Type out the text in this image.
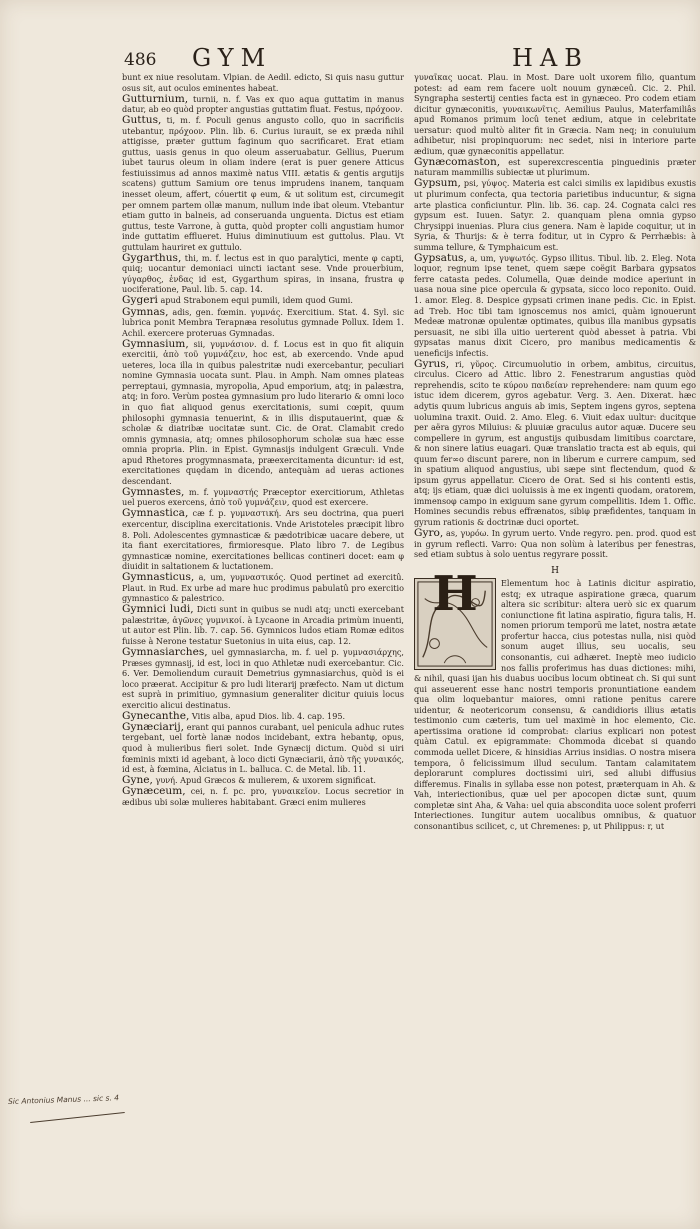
486 GYM	HAB
bunt ex niue resolutam. Vlpian. de Aedil. edicto, Si quis nasu guttur osus sit, aut oculos eminentes habeat.
Gutturnium, turnii, n. f. Vas ex quo aqua guttatim in manus datur, ab eo quòd propter angustias guttatim fluat. Festus, πρόχοον.
Guttus, ti, m. f. Poculi genus angusto collo, quo in sacrificiis utebantur, πρόχοον. Plin. lib. 6. Curius iurauit, se ex præda nihil attigisse, præter guttum faginum quo sacrificaret. Erat etiam guttus, uasis genus in quo oleum asseruabatur. Gellius, Puerum iubet taurus oleum in oliam indere (erat is puer genere Atticus festiuissimus ad annos maximè natus VIII. ætatis & gentis argutijs scatens) guttum Samium ore tenus imprudens inanem, tanquam inesset oleum, affert, cóuertit φ eum, & ut solitum est, circumegit per omnem partem ollæ manum, nullum inde ibat oleum. Vtebantur etiam gutto in balneis, ad conseruanda unguenta. Dictus est etiam guttus, teste Varrone, à gutta, quòd propter colli angustiam humor inde guttatim efflueret. Huius diminutiuum est guttolus. Plau. Vt guttulam hauriret ex guttulo.
Gygarthus, thi, m. f. lectus est in quo paralytici, mente φ capti, quiq; uocantur demoniaci uincti iactant sese. Vnde prouerbium, γύγαρθος, ἐνδας id est, Gygarthum spiras, in insana, frustra φ uociferatione, Paul. lib. 5. cap. 14.
Gygeri apud Strabonem equi pumili, idem quod Gumi.
Gymnas, adis, gen. fœmin. γυμνάς. Exercitium. Stat. 4. Syl. sic lubrica ponit Membra Terapnæa resolutus gymnade Pollux. Idem 1. Achil. exercere proteruas Gymnadas.
Gymnasium, sii, γυμνάσιον. d. f. Locus est in quo fit aliquin exercitii, ἀπὸ τοῦ γυμνάζειν, hoc est, ab exercendo. Vnde apud ueteres, loca illa in quibus palestritæ nudi exercebantur, peculiari nomine Gymnasia uocata sunt. Plau. in Amph. Nam omnes plateas perreptaui, gymnasia, myropolia, Apud emporium, atq; in palæstra, atq; in foro. Verùm postea gymnasium pro ludo literario & omni loco in quo fiat aliquod genus exercitationis, sumi cœpit, quum philosophi gymnasia tenuerint, & in illis disputauerint, quæ & scholæ & diatribæ uocitatæ sunt. Cic. de Orat. Clamabit credo omnis gymnasia, atq; omnes philosophorum scholæ sua hæc esse omnia propria. Plin. in Epist. Gymnasijs indulgent Græculi. Vnde apud Rhetores progymnasmata, præexercitamenta dicuntur: id est, exercitationes quędam in dicendo, antequàm ad ueras actiones descendant.
Gymnastes, m. f. γυμναστής Præceptor exercitiorum, Athletas uel pueros exercens, ἀπὸ τοῦ γυμνάζειν, quod est exercere.
Gymnastica, cæ f. p. γυμναστική. Ars seu doctrina, qua pueri exercentur, disciplina exercitationis. Vnde Aristoteles præcipit libro 8. Poli. Adolescentes gymnasticæ & pædotribicæ uacare debere, ut ita fiant exercitatiores, firmioresque. Plato libro 7. de Legibus gymnasticæ nomine, exercitationes bellicas contineri docet: eam φ diuidit in saltationem & luctationem.
Gymnasticus, a, um, γυμναστικός. Quod pertinet ad exercitû. Plaut. in Rud. Ex urbe ad mare huc prodimus pabulatû pro exercitio gymnastico & palestrico.
Gymnici ludi, Dicti sunt in quibus se nudi atq; uncti exercebant palæstritæ, ἀγῶνες γυμνικοί. à Lycaone in Arcadia primùm inuenti, ut autor est Plin. lib. 7. cap. 56. Gymnicos ludos etiam Romæ editos fuisse à Nerone testatur Suetonius in uita eius, cap. 12.
Gymnasiarches, uel gymnasiarcha, m. f. uel p. γυμνασιάρχης, Præses gymnasij, id est, loci in quo Athletæ nudi exercebantur. Cic. 6. Ver. Demoliendum curauit Demetrius gymnasiarchus, quòd is ei loco præerat. Accipitur & pro ludi literarij præfecto. Nam ut dictum est suprà in primitiuo, gymnasium generaliter dicitur quiuis locus exercitio alicui destinatus.
Gynecanthe, Vitis alba, apud Dios. lib. 4. cap. 195.
Gynæciarij, erant qui pannos curabant, uel penicula adhuc rutes tergebant, uel fortè lanæ nodos incidebant, extra hebantφ, opus, quod à mulieribus fieri solet. Inde Gynæcij dictum. Quòd si uiri fœminis mixti id agebant, à loco dicti Gynæciarii, ἀπὸ τῆς γυναικός, id est, à fœmina, Alciatus in L. balluca. C. de Metal. lib. 11.
Gyne, γυνή. Apud Græcos & mulierem, & uxorem significat.
Gynæceum, cei, n. f. pc. pro, γυναικεῖον. Locus secretior in ædibus ubi solæ mulieres habitabant. Græci enim mulieres
γυναῖκας uocat. Plau. in Most. Dare uolt uxorem filio, quantum potest: ad eam rem facere uolt nouum gynæceû. Cic. 2. Phil. Syngrapha sestertij centies facta est in gynæceo. Pro codem etiam dicitur gynæconitis, γυναικωνῖτις. Aemilius Paulus, Materfamiliâs apud Romanos primum locû tenet ædium, atque in celebritate uersatur: quod multò aliter fit in Græcia. Nam neq; in conuiuium adhibetur, nisi propinquorum: nec sedet, nisi in interiore parte ædium, quæ gynæconitis appellatur.
Gynæcomaston, est superexcrescentia pinguedinis præter naturam mammillis subiectæ ut plurimum.
Gypsum, psi, γύψος. Materia est calci similis ex lapidibus exustis ut plurimum confecta, qua tectoria parietibus inducuntur, & signa arte plastica conficiuntur. Plin. lib. 36. cap. 24. Cognata calci res gypsum est. Iuuen. Satyr. 2. quanquam plena omnia gypso Chrysippi inuenias. Plura cius genera. Nam è lapide coquitur, ut in Syria, & Thurijs: & è terra foditur, ut in Cypro & Perrhæbis: à summa tellure, & Tymphaicum est.
Gypsatus, a, um, γυψωτός. Gypso illitus. Tibul. lib. 2. Eleg. Nota loquor, regnum ipse tenet, quem sæpe coëgit Barbara gypsatos ferre catasta pedes. Columella, Quæ deinde modice aperiunt in uasa noua sine pice opercula & gypsata, sicco loco reponito. Ouid. 1. amor. Eleg. 8. Despice gypsati crimen inane pedis. Cic. in Epist. ad Treb. Hoc tibi tam ignoscemus nos amici, quàm ignouerunt Medeæ matronæ opulentæ optimates, quibus illa manibus gypsatis persuasit, ne sibi illa uitio uerterent quòd abesset à patria. Vbi gypsatas manus dixit Cicero, pro manibus medicamentis & ueneficijs infectis.
Gyrus, ri, γῦρος. Circumuolutio in orbem, ambitus, circuitus, circulus. Cicero ad Attic. libro 2. Fenestrarum angustias quòd reprehendis, scito te κύρου παιδείαν reprehendere: nam quum ego istuc idem dicerem, gyros agebatur. Verg. 3. Aen. Dixerat. hæc adytis quum lubricus anguis ab imis, Septem ingens gyros, septena uolumina traxit. Ouid. 2. Amo. Eleg. 6. Viuit edax uultur: ducitque per aëra gyros Miluius: & pluuiæ graculus autor aquæ. Ducere seu compellere in gyrum, est angustijs quibusdam limitibus coarctare, & non sinere latius euagari. Quæ translatio tracta est ab equis, qui quum fer∞o discunt parere, non in liberum e currere campum, sed in spatium aliquod angustius, ubi sæpe sint flectendum, quod & ipsum gyrus appellatur. Cicero de Orat. Sed si his contenti estis, atq; ijs etiam, quæ dici uoluissis à me ex ingenti quodam, oratorem, immensoφ campo in exiguum sane gyrum compellitis. Idem 1. Offic. Homines secundis rebus effrænatos, sibiφ præfidentes, tanquam in gyrum rationis & doctrinæ duci oportet.
Gyro, as, γυρόω. In gyrum uerto. Vnde regyro. pen. prod. quod est in gyrum reflecti. Varro: Qua non solùm à lateribus per fenestras, sed etiam subtus à solo uentus regyrare possit.
H
H	Elementum hoc à Latinis dicitur aspiratio, estq; ex utraque aspiratione græca, quarum altera sic scribitur: altera uerò sic ex quarum coniunctione fit latina aspiratio, figura talis, H. nomen priorum temporū me latet, nostra ætate profertur hacca, cius potestas nulla, nisi quòd sonum auget illius, seu uocalis, seu consonantis, cui adhæret. Ineptè meo iudicio nos fallis proferimus has duas dictiones: mihi, & nihil, quasi ijan his duabus uocibus locum obtineat ch. Si qui sunt qui asseuerent esse hanc nostri temporis pronuntiatione eandem qua olim loquebantur maiores, omni ratione penitus carere uidentur, & neotericorum consensu, & candidioris illius ætatis testimonio cum cæteris, tum uel maximè in hoc elemento, Cic. apertissima oratione id comprobat: clarius explicari non potest quàm Catul. ex epigrammate: Chommoda dicebat si quando commoda uellet Dicere, & hinsidias Arrius insidias. O nostra misera tempora, ô felicissimum illud seculum. Tantam calamitatem deplorarunt complures doctissimi uiri, sed aliubi diffusius differemus. Finalis in syllaba esse non potest, præterquam in Ah. & Vah, interiectionibus, quæ uel per apocopen dictæ sunt, quum completæ sint Aha, & Vaha: uel quia abscondita uoce solent proferri Interiectiones. Iungitur autem uocalibus omnibus, & quatuor consonantibus scilicet, c, ut Chremenes: p, ut Philippus: r, ut
Sic Antonius Manus ... sic s. 4
